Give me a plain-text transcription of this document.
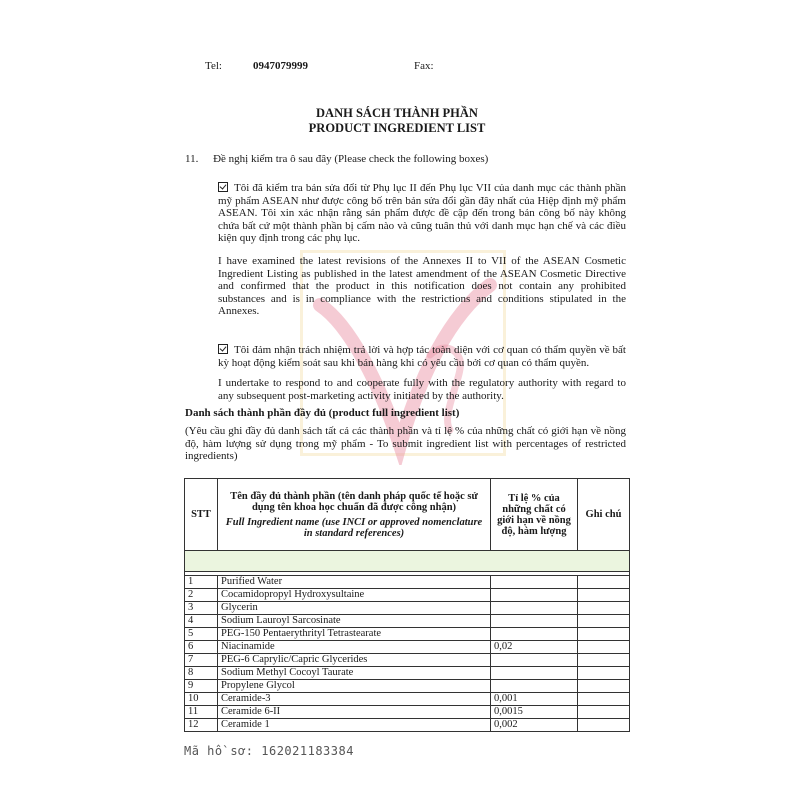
Tel:	0947079999	Fax:
DANH SÁCH THÀNH PHẦN
PRODUCT INGREDIENT LIST
11. Đề nghị kiểm tra ô sau đây (Please check the following boxes)
Tôi đã kiểm tra bản sửa đổi từ Phụ lục II đến Phụ lục VII của danh mục các thành phần mỹ phẩm ASEAN như được công bố trên bản sửa đổi gần đây nhất của Hiệp định mỹ phẩm ASEAN. Tôi xin xác nhận rằng sản phẩm được đề cập đến trong bản công bố này không chứa bất cứ một thành phần bị cấm nào và cũng tuân thủ với danh mục hạn chế và các điều kiện quy định trong các phụ lục.
I have examined the latest revisions of the Annexes II to VII of the ASEAN Cosmetic Ingredient Listing as published in the latest amendment of the ASEAN Cosmetic Directive and confirmed that the product in this notification does not contain any prohibited substances and is in compliance with the restrictions and conditions stipulated in the Annexes.
Tôi đảm nhận trách nhiệm trả lời và hợp tác toàn diện với cơ quan có thẩm quyền về bất kỳ hoạt động kiểm soát sau khi bán hàng khi có yêu cầu bởi cơ quan có thẩm quyền.
I undertake to respond to and cooperate fully with the regulatory authority with regard to any subsequent post-marketing activity initiated by the authority.
Danh sách thành phần đầy đủ (product full ingredient list)
(Yêu cầu ghi đầy đủ danh sách tất cả các thành phần và tỉ lệ % của những chất có giới hạn về nồng độ, hàm lượng sử dụng trong mỹ phẩm - To submit ingredient list with percentages of restricted ingredients)
STT	Tên đầy đủ thành phần (tên danh pháp quốc tế hoặc sử dụng tên khoa học chuẩn đã được công nhận)
Full Ingredient name (use INCI or approved nomenclature in standard references)	Tỉ lệ % của những chất có giới hạn về nồng độ, hàm lượng	Ghi chú

1	Purified Water		
2	Cocamidopropyl Hydroxysultaine		
3	Glycerin		
4	Sodium Lauroyl Sarcosinate		
5	PEG-150 Pentaerythrityl Tetrastearate		
6	Niacinamide	0,02	
7	PEG-6 Caprylic/Capric Glycerides		
8	Sodium Methyl Cocoyl Taurate		
9	Propylene Glycol		
10	Ceramide-3	0,001	
11	Ceramide 6-II	0,0015	
12	Ceramide 1	0,002	
Mã hồ sơ: 162021183384
